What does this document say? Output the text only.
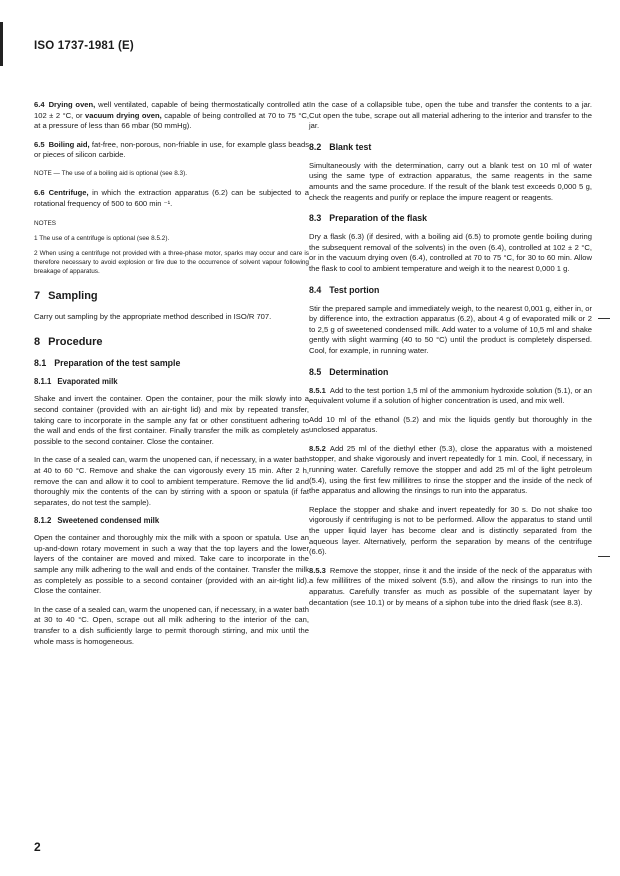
ISO 1737-1981 (E)

6.4 Drying oven, well ventilated, capable of being thermostatically controlled at 102 ± 2 °C, or vacuum drying oven, capable of being controlled at 70 to 75 °C, at a pressure of less than 66 mbar (50 mmHg).

6.5 Boiling aid, fat-free, non-porous, non-friable in use, for example glass beads or pieces of silicon carbide.

NOTE — The use of a boiling aid is optional (see 8.3).

6.6 Centrifuge, in which the extraction apparatus (6.2) can be subjected to a rotational frequency of 500 to 600 min ⁻¹.

NOTES

1 The use of a centrifuge is optional (see 8.5.2).

2 When using a centrifuge not provided with a three-phase motor, sparks may occur and care is therefore necessary to avoid explosion or fire due to the occurrence of solvent vapour following breakage of apparatus.

7 Sampling

Carry out sampling by the appropriate method described in ISO/R 707.

8 Procedure
8.1 Preparation of the test sample
8.1.1 Evaporated milk

Shake and invert the container. Open the container, pour the milk slowly into a second container (provided with an air-tight lid) and mix by repeated transfer, taking care to incorporate in the sample any fat or other constituent adhering to the wall and ends of the first container. Finally transfer the milk as completely as possible to the second container. Close the container.

In the case of a sealed can, warm the unopened can, if necessary, in a water bath at 40 to 60 °C. Remove and shake the can vigorously every 15 min. After 2 h, remove the can and allow it to cool to ambient temperature. Remove the lid and thoroughly mix the contents of the can by stirring with a spoon or spatula (if fat separates, do not test the sample).

8.1.2 Sweetened condensed milk

Open the container and thoroughly mix the milk with a spoon or spatula. Use an up-and-down rotary movement in such a way that the top layers and the lower layers of the container are moved and mixed. Take care to incorporate in the sample any milk adhering to the wall and ends of the container. Transfer the milk as completely as possible to a second container (provided with an air-tight lid). Close the container.

In the case of a sealed can, warm the unopened can, if necessary, in a water bath at 30 to 40 °C. Open, scrape out all milk adhering to the interior of the can, transfer to a dish sufficiently large to permit thorough stirring, and mix until the whole mass is homogeneous.

In the case of a collapsible tube, open the tube and transfer the contents to a jar. Cut open the tube, scrape out all material adhering to the interior and transfer to the jar.

8.2 Blank test

Simultaneously with the determination, carry out a blank test on 10 ml of water using the same type of extraction apparatus, the same reagents in the same amounts and the same procedure. If the result of the blank test exceeds 0,000 5 g, check the reagents and purify or replace the impure reagent or reagents.

8.3 Preparation of the flask

Dry a flask (6.3) (if desired, with a boiling aid (6.5) to promote gentle boiling during the subsequent removal of the solvents) in the oven (6.4), controlled at 102 ± 2 °C, or in the vacuum drying oven (6.4), controlled at 70 to 75 °C, for 30 to 60 min. Allow the flask to cool to ambient temperature and weigh it to the nearest 0,000 1 g.

8.4 Test portion

Stir the prepared sample and immediately weigh, to the nearest 0,001 g, either in, or by difference into, the extraction apparatus (6.2), about 4 g of evaporated milk or 2 to 2,5 g of sweetened condensed milk. Add water to a volume of 10,5 ml and shake gently with slight warming (40 to 50 °C) until the product is completely dispersed. Cool, for example, in running water.

8.5 Determination

8.5.1 Add to the test portion 1,5 ml of the ammonium hydroxide solution (5.1), or an equivalent volume if a solution of higher concentration is used, and mix well.

Add 10 ml of the ethanol (5.2) and mix the liquids gently but thoroughly in the unclosed apparatus.

8.5.2 Add 25 ml of the diethyl ether (5.3), close the apparatus with a moistened stopper, and shake vigorously and invert repeatedly for 1 min. Cool, if necessary, in running water. Carefully remove the stopper and add 25 ml of the light petroleum (5.4), using the first few millilitres to rinse the stopper and the inside of the neck of the apparatus and allowing the rinsings to run into the apparatus.

Replace the stopper and shake and invert repeatedly for 30 s. Do not shake too vigorously if centrifuging is not to be performed. Allow the apparatus to stand until the upper liquid layer has become clear and is distinctly separated from the aqueous layer. Alternatively, perform the separation by means of the centrifuge (6.6).

8.5.3 Remove the stopper, rinse it and the inside of the neck of the apparatus with a few millilitres of the mixed solvent (5.5), and allow the rinsings to run into the apparatus. Carefully transfer as much as possible of the supernatant layer by decantation (see 10.1) or by means of a siphon tube into the dried flask (see 8.3).

2
